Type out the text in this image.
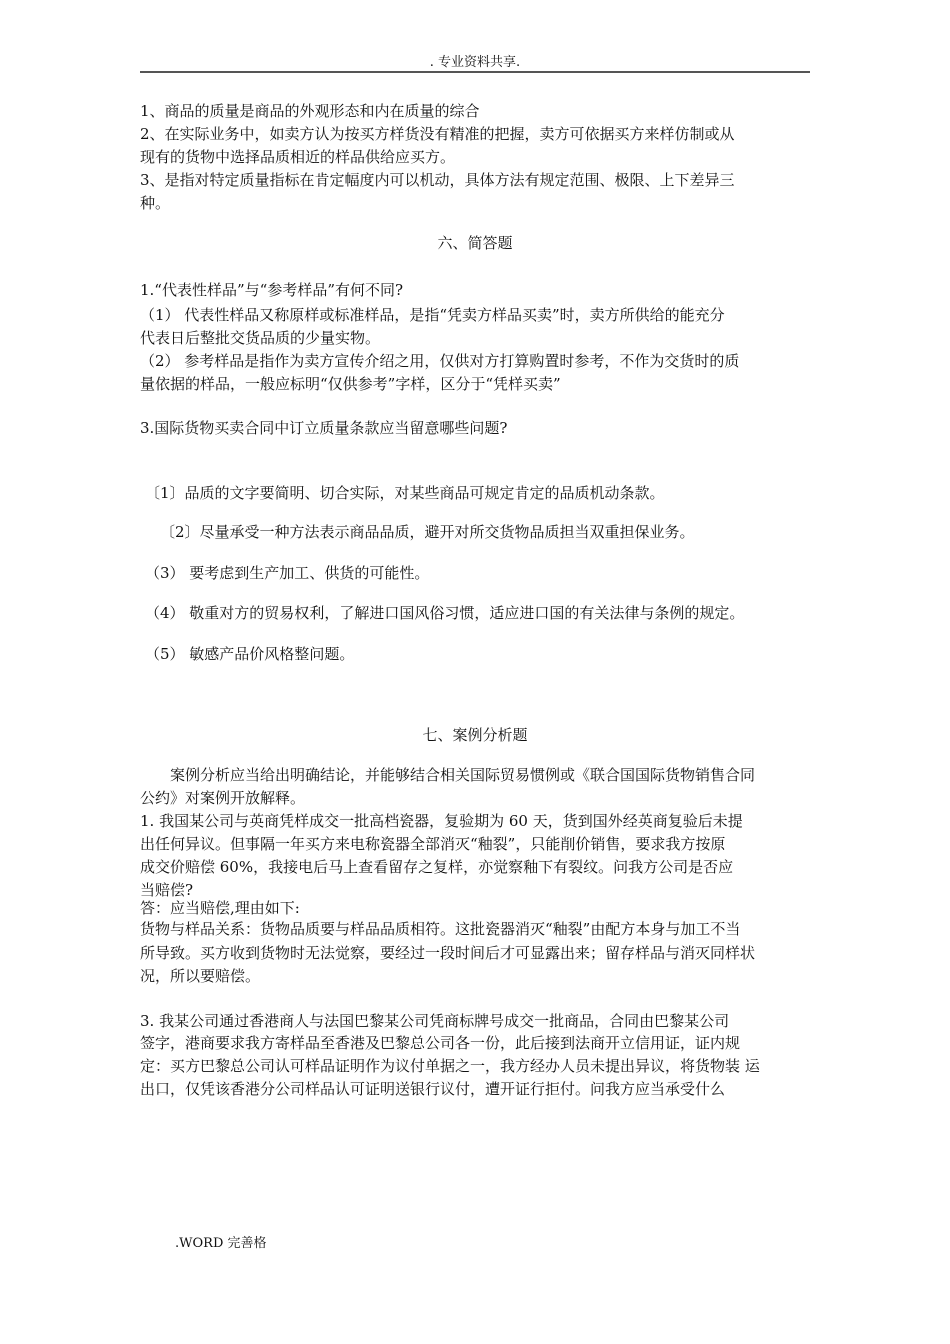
. 专业资料共享.
1、商品的质量是商品的外观形态和内在质量的综合
2、在实际业务中，如卖方认为按买方样货没有精准的把握，卖方可依据买方来样仿制或从
现有的货物中选择品质相近的样品供给应买方。
3、是指对特定质量指标在肯定幅度内可以机动，具体方法有规定范围、极限、上下差异三
种。
六、简答题
1.“代表性样品”与“参考样品”有何不同?
（1） 代表性样品又称原样或标准样品，是指“凭卖方样品买卖”时，卖方所供给的能充分
代表日后整批交货品质的少量实物。
（2） 参考样品是指作为卖方宣传介绍之用，仅供对方打算购置时参考，不作为交货时的质
量依据的样品，一般应标明“仅供参考”字样，区分于“凭样买卖”
3.国际货物买卖合同中订立质量条款应当留意哪些问题?
〔1〕品质的文字要简明、切合实际，对某些商品可规定肯定的品质机动条款。
〔2〕尽量承受一种方法表示商品品质，避开对所交货物品质担当双重担保业务。
（3） 要考虑到生产加工、供货的可能性。
（4） 敬重对方的贸易权利，了解进口国风俗习惯，适应进口国的有关法律与条例的规定。
（5） 敏感产品价风格整问题。
七、案例分析题
　　案例分析应当给出明确结论，并能够结合相关国际贸易惯例或《联合国国际货物销售合同
公约》对案例开放解释。
1. 我国某公司与英商凭样成交一批高档瓷器，复验期为 60 天，货到国外经英商复验后未提
出任何异议。但事隔一年买方来电称瓷器全部消灭“釉裂”，只能削价销售，要求我方按原
成交价赔偿 60%，我接电后马上查看留存之复样，亦觉察釉下有裂纹。问我方公司是否应
当赔偿?
答：应当赔偿,理由如下:
货物与样品关系：货物品质要与样品品质相符。这批瓷器消灭“釉裂”由配方本身与加工不当
所导致。买方收到货物时无法觉察，要经过一段时间后才可显露出来；留存样品与消灭同样状
况，所以要赔偿。
3. 我某公司通过香港商人与法国巴黎某公司凭商标牌号成交一批商品，合同由巴黎某公司
签字，港商要求我方寄样品至香港及巴黎总公司各一份，此后接到法商开立信用证，证内规
定：买方巴黎总公司认可样品证明作为议付单据之一，我方经办人员未提出异议，将货物装 运
出口，仅凭该香港分公司样品认可证明送银行议付，遭开证行拒付。问我方应当承受什么
.WORD 完善格
